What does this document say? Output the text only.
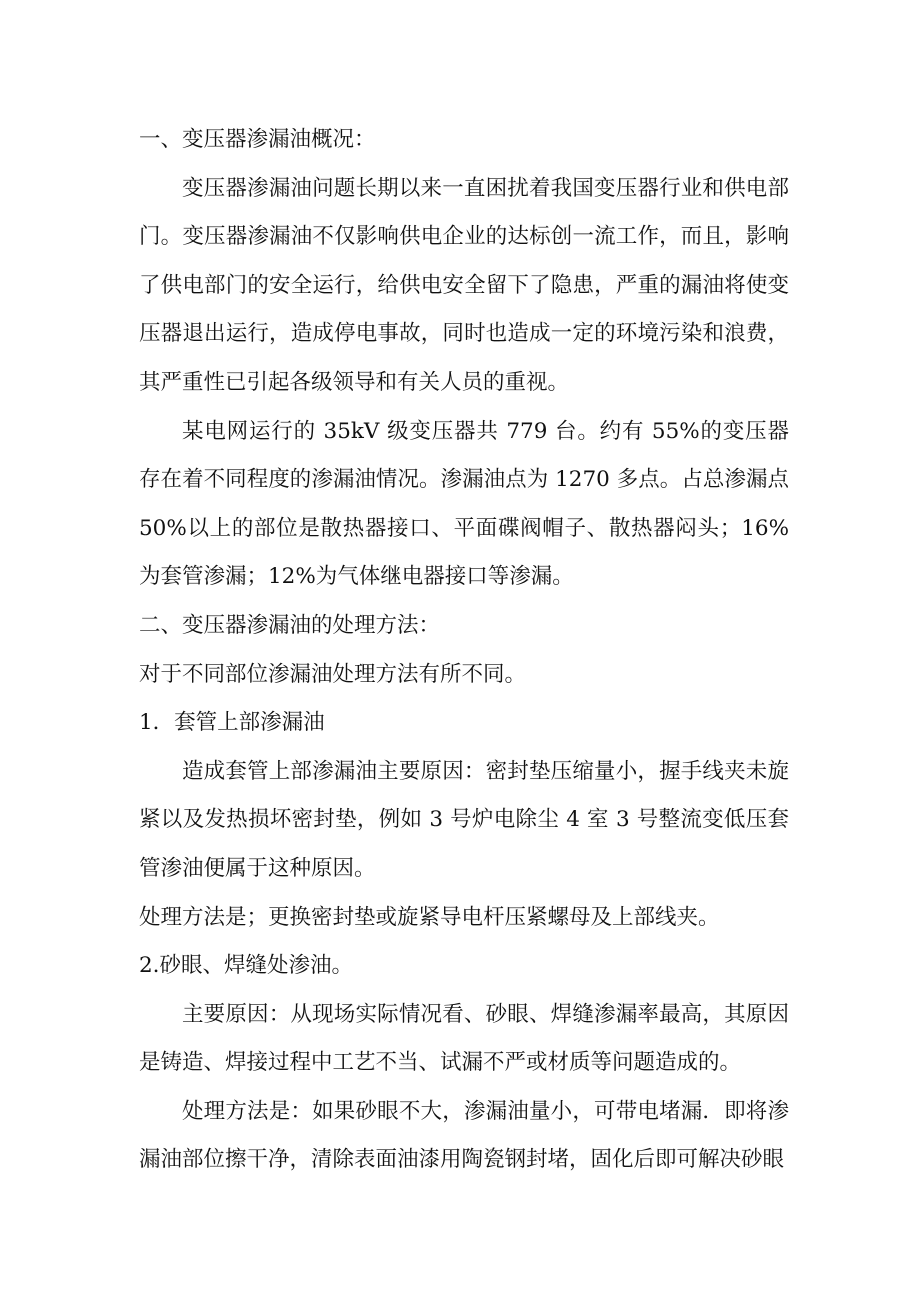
一、变压器渗漏油概况：

变压器渗漏油问题长期以来一直困扰着我国变压器行业和供电部门。变压器渗漏油不仅影响供电企业的达标创一流工作，而且，影响了供电部门的安全运行，给供电安全留下了隐患，严重的漏油将使变压器退出运行，造成停电事故，同时也造成一定的环境污染和浪费，其严重性已引起各级领导和有关人员的重视。

某电网运行的 35kV 级变压器共 779 台。约有 55%的变压器存在着不同程度的渗漏油情况。渗漏油点为 1270 多点。占总渗漏点 50%以上的部位是散热器接口、平面碟阀帽子、散热器闷头；16%为套管渗漏；12%为气体继电器接口等渗漏。

二、变压器渗漏油的处理方法：

对于不同部位渗漏油处理方法有所不同。

1．套管上部渗漏油

造成套管上部渗漏油主要原因：密封垫压缩量小，握手线夹未旋紧以及发热损坏密封垫，例如 3 号炉电除尘 4 室 3 号整流变低压套管渗油便属于这种原因。

处理方法是；更换密封垫或旋紧导电杆压紧螺母及上部线夹。

2.砂眼、焊缝处渗油。

主要原因：从现场实际情况看、砂眼、焊缝渗漏率最高，其原因是铸造、焊接过程中工艺不当、试漏不严或材质等问题造成的。

处理方法是：如果砂眼不大，渗漏油量小，可带电堵漏．即将渗漏油部位擦干净，清除表面油漆用陶瓷钢封堵，固化后即可解决砂眼
